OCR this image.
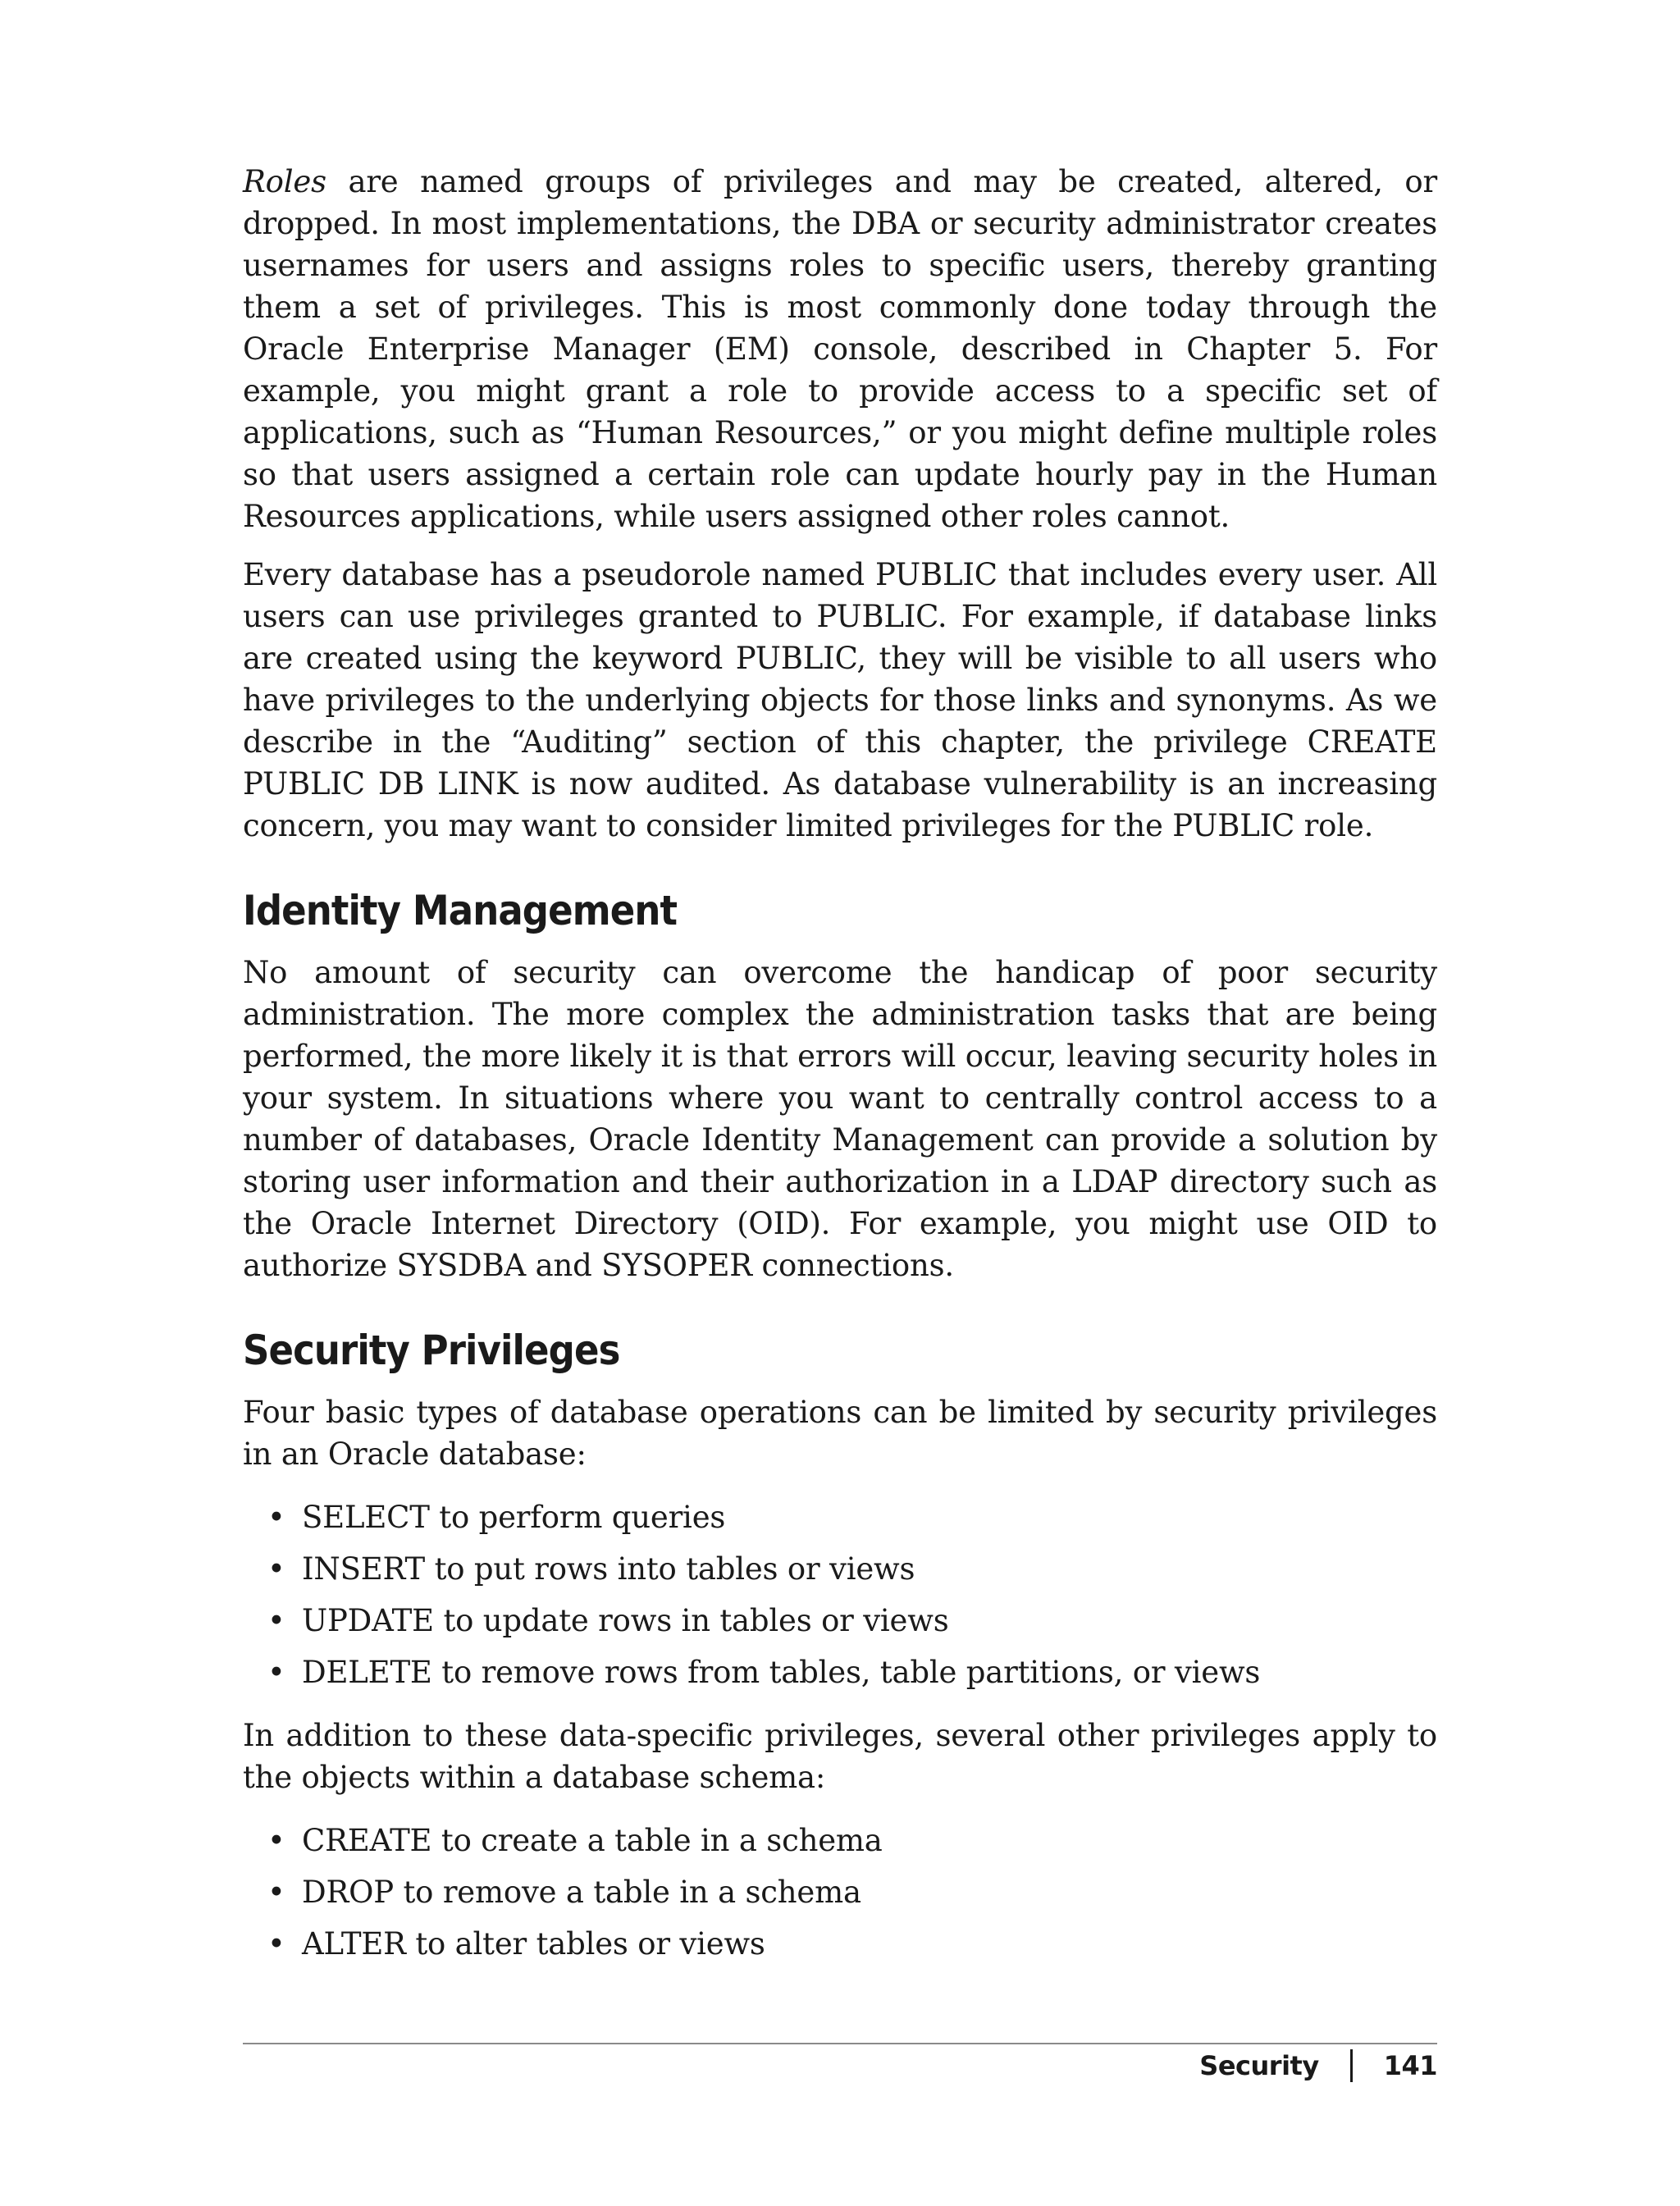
Roles are named groups of privileges and may be created, altered, or dropped. In most implementations, the DBA or security administrator creates usernames for users and assigns roles to specific users, thereby granting them a set of privileges. This is most commonly done today through the Oracle Enterprise Manager (EM) console, described in Chapter 5. For example, you might grant a role to provide access to a specific set of applications, such as “Human Resources,” or you might define multiple roles so that users assigned a certain role can update hourly pay in the Human Resources applications, while users assigned other roles cannot.

Every database has a pseudorole named PUBLIC that includes every user. All users can use privileges granted to PUBLIC. For example, if database links are created using the keyword PUBLIC, they will be visible to all users who have privileges to the underlying objects for those links and synonyms. As we describe in the “Auditing” section of this chapter, the privilege CREATE PUBLIC DB LINK is now audited. As database vulnerability is an increasing concern, you may want to consider limited privileges for the PUBLIC role.

Identity Management

No amount of security can overcome the handicap of poor security administration. The more complex the administration tasks that are being performed, the more likely it is that errors will occur, leaving security holes in your system. In situations where you want to centrally control access to a number of databases, Oracle Identity Management can provide a solution by storing user information and their authorization in a LDAP directory such as the Oracle Internet Directory (OID). For example, you might use OID to authorize SYSDBA and SYSOPER connections.

Security Privileges

Four basic types of database operations can be limited by security privileges in an Oracle database:

• SELECT to perform queries
• INSERT to put rows into tables or views
• UPDATE to update rows in tables or views
• DELETE to remove rows from tables, table partitions, or views

In addition to these data-specific privileges, several other privileges apply to the objects within a database schema:

• CREATE to create a table in a schema
• DROP to remove a table in a schema
• ALTER to alter tables or views
Security 141
